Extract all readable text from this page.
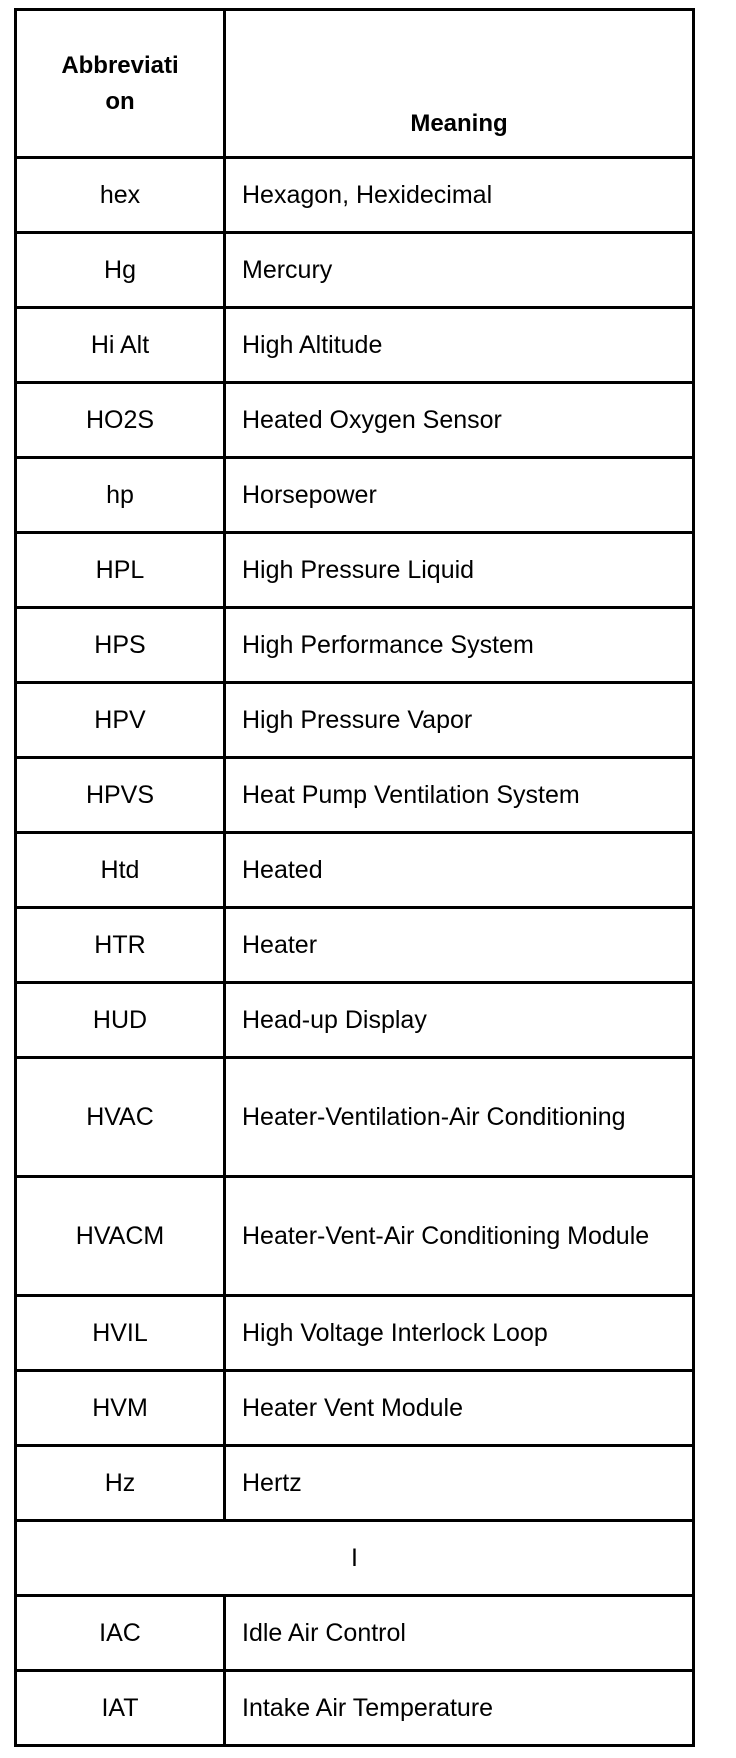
Abbreviati
on	Meaning
hex	Hexagon, Hexidecimal
Hg	Mercury
Hi Alt	High Altitude
HO2S	Heated Oxygen Sensor
hp	Horsepower
HPL	High Pressure Liquid
HPS	High Performance System
HPV	High Pressure Vapor
HPVS	Heat Pump Ventilation System
Htd	Heated
HTR	Heater
HUD	Head-up Display
HVAC	Heater-Ventilation-Air Conditioning
HVACM	Heater-Vent-Air Conditioning Module
HVIL	High Voltage Interlock Loop
HVM	Heater Vent Module
Hz	Hertz
I	
IAC	Idle Air Control
IAT	Intake Air Temperature
